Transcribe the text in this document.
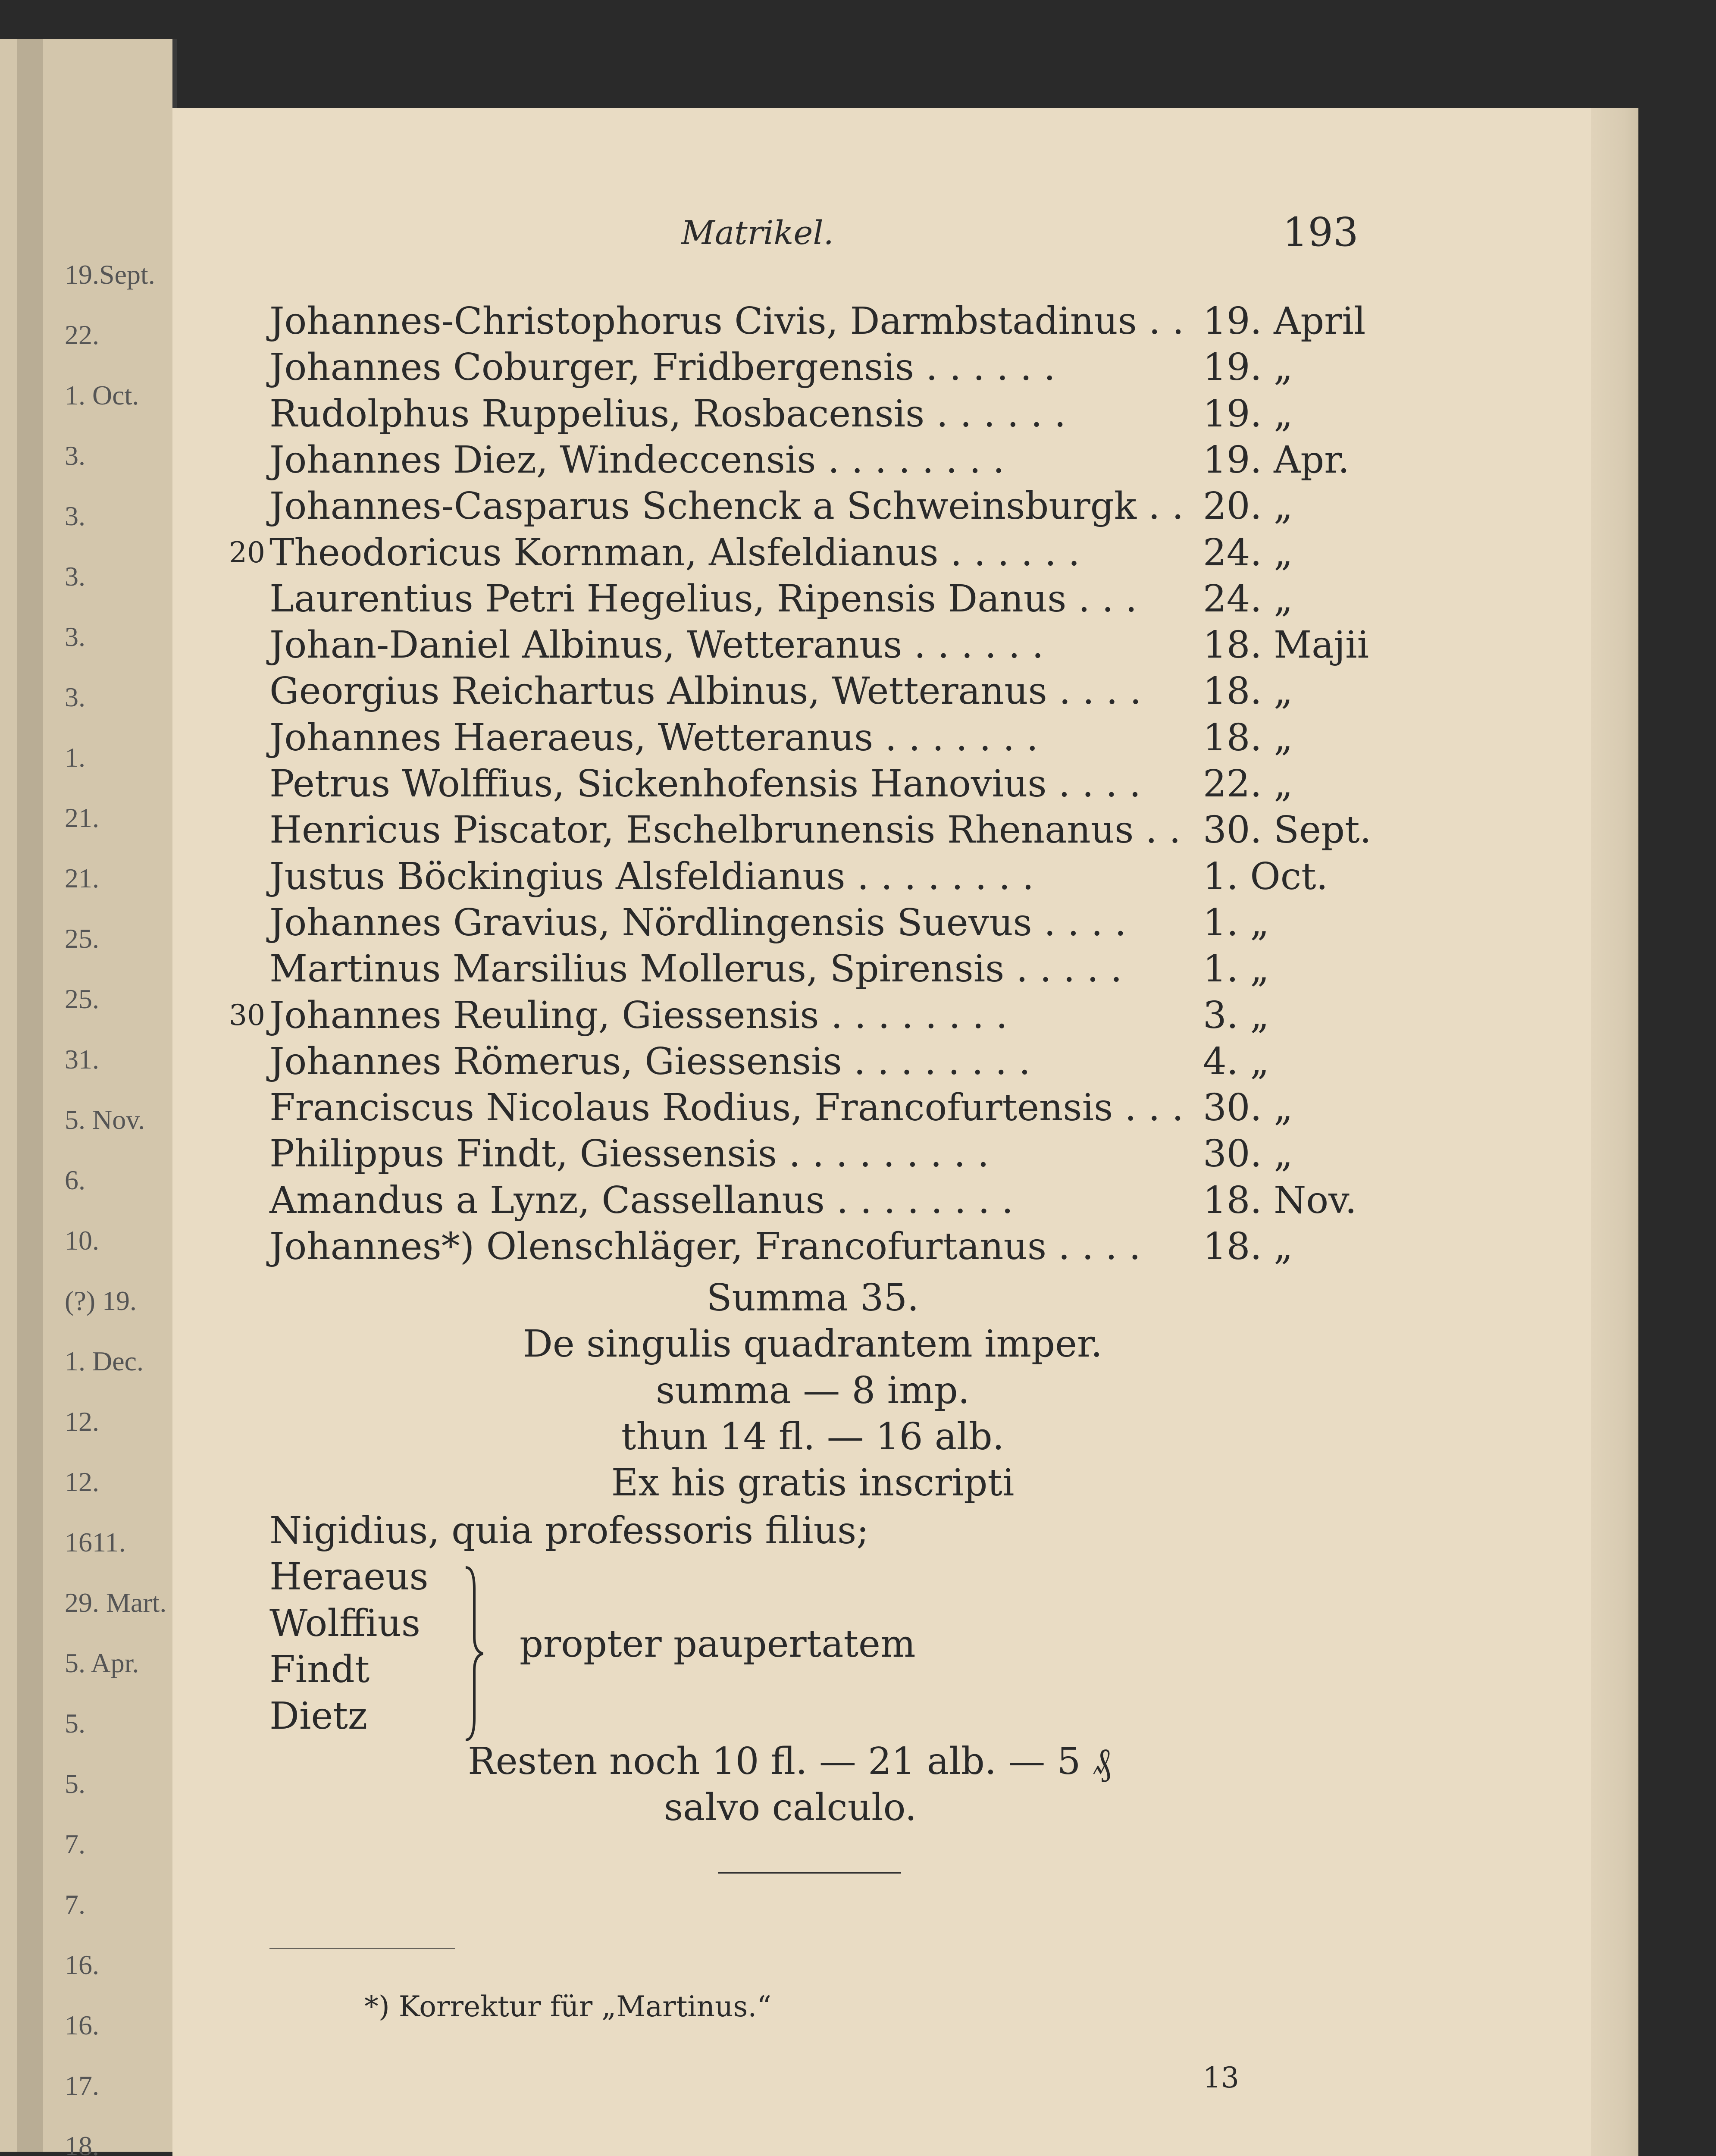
19.Sept.
22.
1. Oct.
3.
3.
3.
3.
3.
1.
21.
21.
25.
25.
31.
5. Nov.
6.
10.
(?) 19.
1. Dec.
12.
12.
1611.
29. Mart.
5. Apr.
5.
5.
7.
7.
16.
16.
17.
18.
Matrikel.	193
Johannes-Christophorus Civis, Darmbstadinus . . 19. April
Johannes Coburger, Fridbergensis . . . . . .	19. „
Rudolphus Ruppelius, Rosbacensis . . . . . .	19. „
Johannes Diez, Windeccensis . . . . . . . .	19. Apr.
Johannes-Casparus Schenck a Schweinsburgk . . 20. „
20 Theodoricus Kornman, Alsfeldianus . . . . . .	24. „
Laurentius Petri Hegelius, Ripensis Danus . . . 24. „
Johan-Daniel Albinus, Wetteranus . . . . . .	18. Majii
Georgius Reichartus Albinus, Wetteranus . . . . 18. „
Johannes Haeraeus, Wetteranus . . . . . . .	18. „
Petrus Wolffius, Sickenhofensis Hanovius . . . . 22. „
Henricus Piscator, Eschelbrunensis Rhenanus . . 30. Sept.
Justus Böckingius Alsfeldianus . . . . . . . .	1. Oct.
Johannes Gravius, Nördlingensis Suevus . . . . 1. „
Martinus Marsilius Mollerus, Spirensis . . . . . 1. „
30 Johannes Reuling, Giessensis . . . . . . . .	3. „
Johannes Römerus, Giessensis . . . . . . . .	4. „
Franciscus Nicolaus Rodius, Francofurtensis . . . 30. „
Philippus Findt, Giessensis . . . . . . . . .	30. „
Amandus a Lynz, Cassellanus . . . . . . . .	18. Nov.
Johannes*) Olenschläger, Francofurtanus . . . . 18. „
Summa 35.
De singulis quadrantem imper.
summa — 8 imp.
thun 14 fl. — 16 alb.
Ex his gratis inscripti
Nigidius, quia professoris filius;
Heraeus
Wolffius
Findt
Dietz
propter paupertatem
Resten noch 10 fl. — 21 alb. — 5 ₰
salvo calculo.
*) Korrektur für „Martinus.“
13
